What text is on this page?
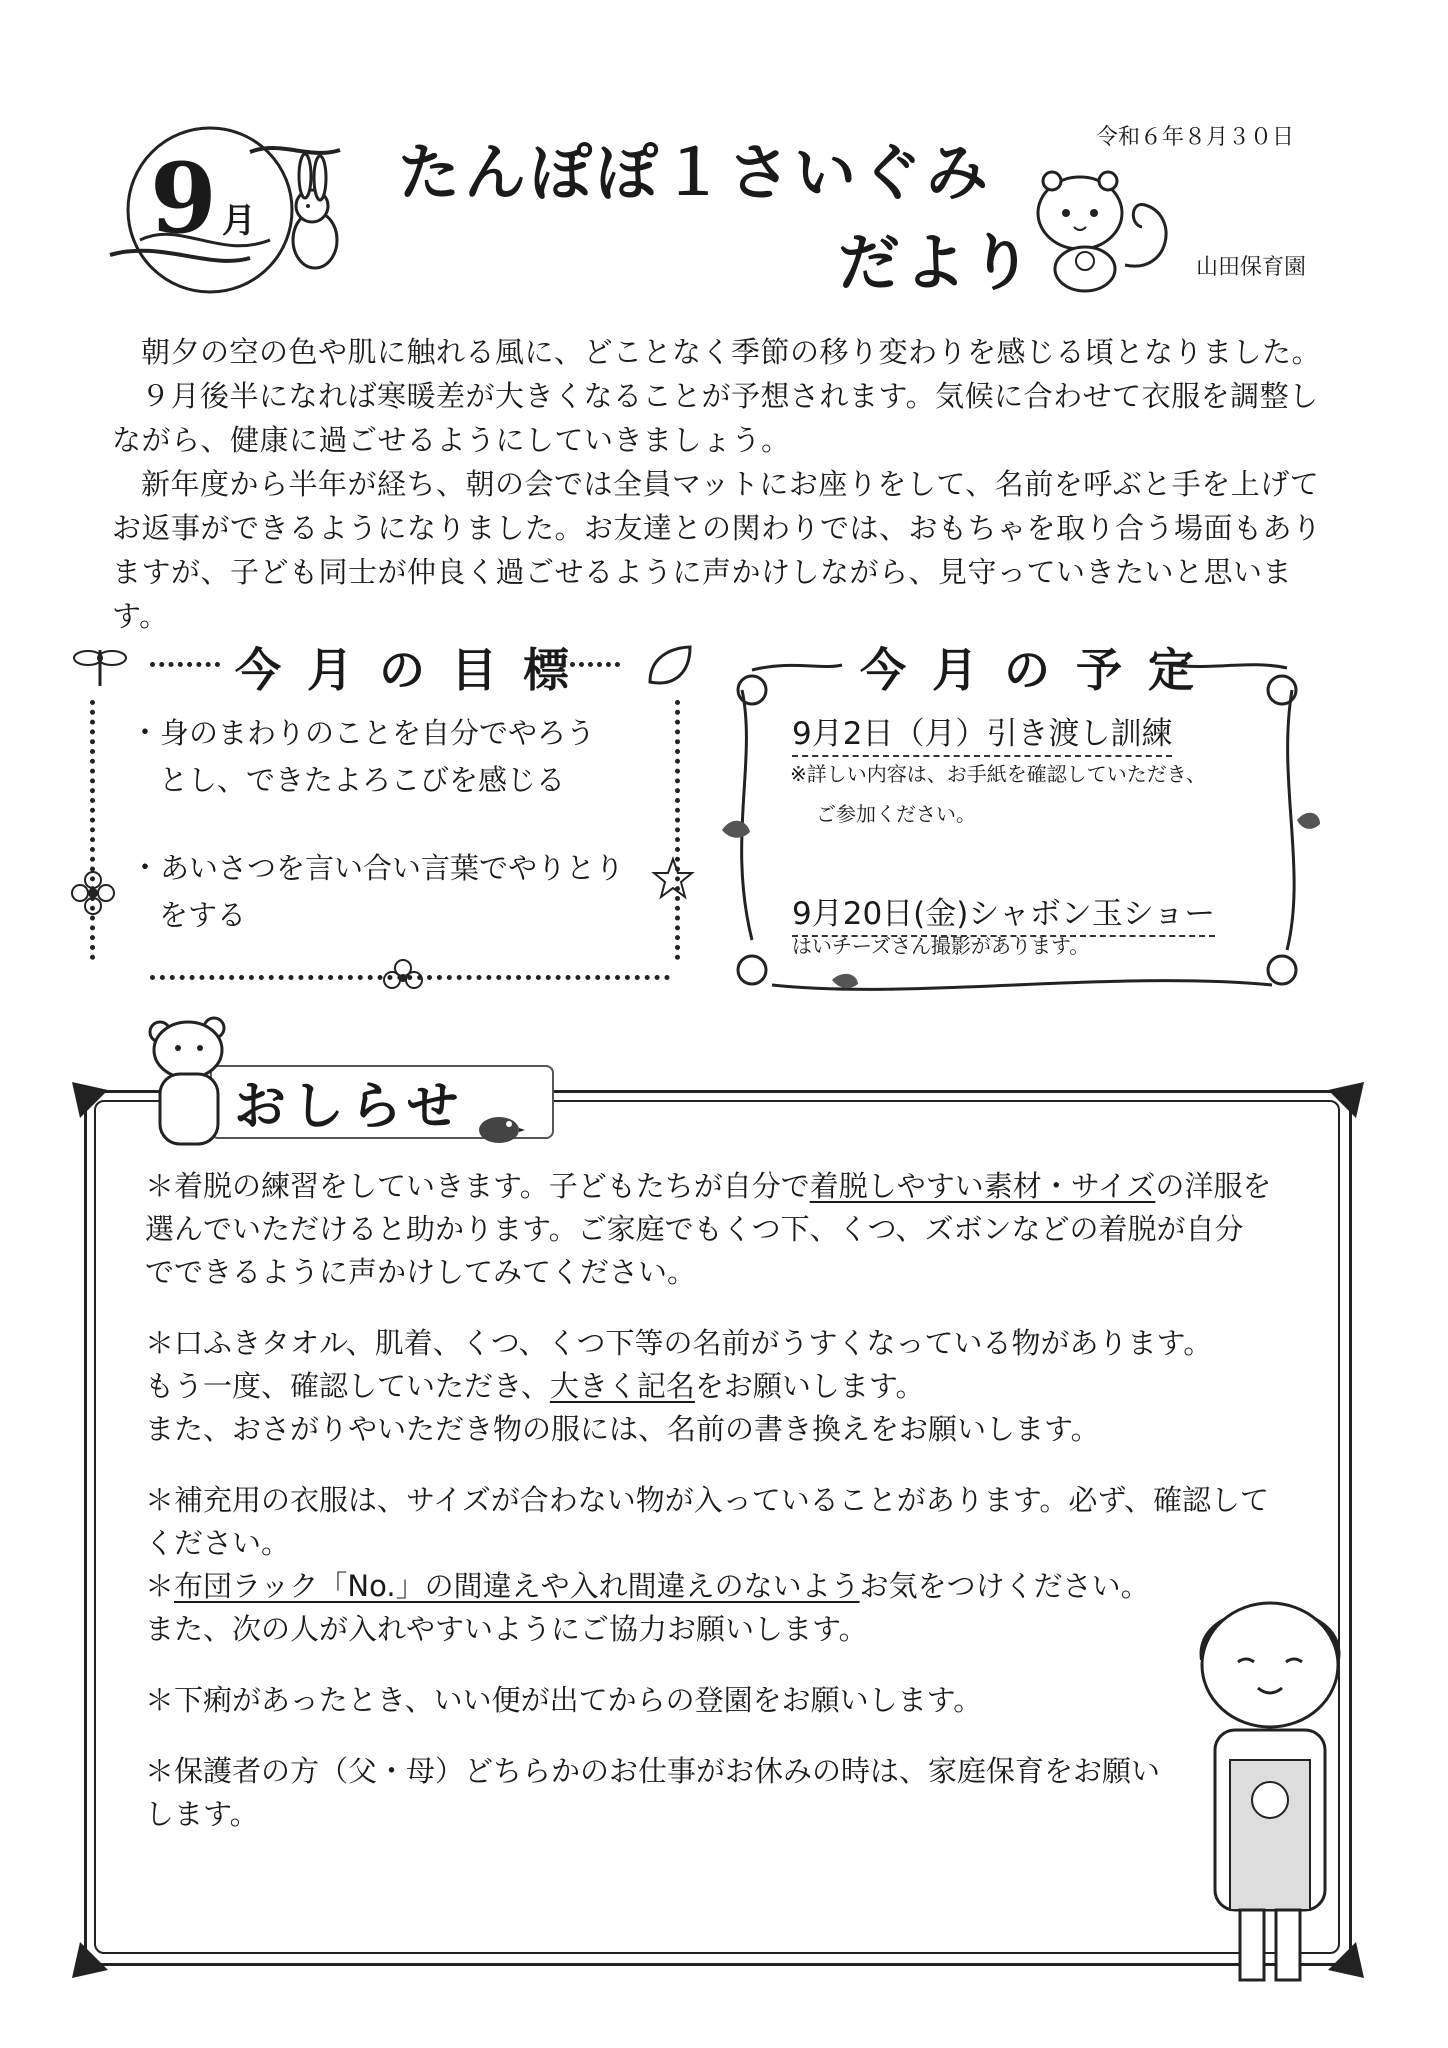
9 月
たんぽぽ１さいぐみ
だより
令和６年８月３０日
山田保育園

朝夕の空の色や肌に触れる風に、どことなく季節の移り変わりを感じる頃となりました。

９月後半になれば寒暖差が大きくなることが予想されます。気候に合わせて衣服を調整しながら、健康に過ごせるようにしていきましょう。

新年度から半年が経ち、朝の会では全員マットにお座りをして、名前を呼ぶと手を上げてお返事ができるようになりました。お友達との関わりでは、おもちゃを取り合う場面もありますが、子ども同士が仲良く過ごせるように声かけしながら、見守っていきたいと思います。

今月の目標
・身のまわりのことを自分でやろう
とし、できたよろこびを感じる
・あいさつを言い合い言葉でやりとり
をする
今月の予定
9月2日（月）引き渡し訓練
※詳しい内容は、お手紙を確認していただき、
ご参加ください。
9月20日(金)シャボン玉ショー
はいチーズさん撮影があります。
おしらせ
＊着脱の練習をしていきます。子どもたちが自分で着脱しやすい素材・サイズの洋服を
選んでいただけると助かります。ご家庭でもくつ下、くつ、ズボンなどの着脱が自分
でできるように声かけしてみてください。
＊口ふきタオル、肌着、くつ、くつ下等の名前がうすくなっている物があります。
もう一度、確認していただき、大きく記名をお願いします。
また、おさがりやいただき物の服には、名前の書き換えをお願いします。
＊補充用の衣服は、サイズが合わない物が入っていることがあります。必ず、確認して
ください。
＊布団ラック「No.」の間違えや入れ間違えのないようお気をつけください。
また、次の人が入れやすいようにご協力お願いします。
＊下痢があったとき、いい便が出てからの登園をお願いします。
＊保護者の方（父・母）どちらかのお仕事がお休みの時は、家庭保育をお願い
します。
